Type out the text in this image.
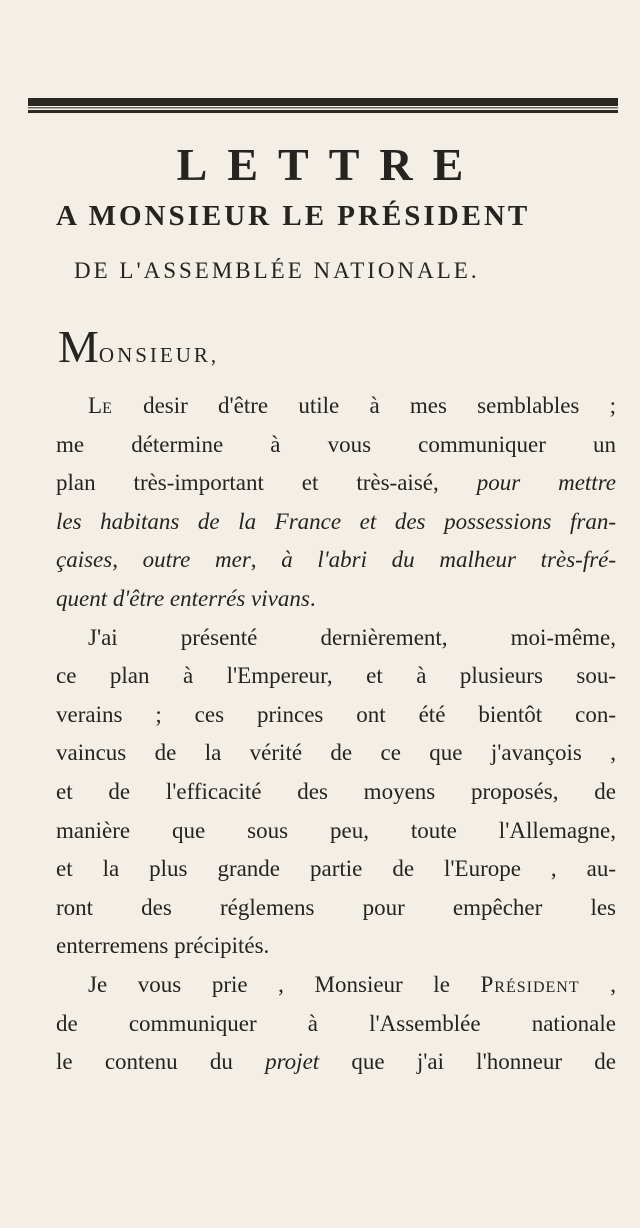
LETTRE
A MONSIEUR LE PRÉSIDENT
DE L'ASSEMBLÉE NATIONALE.
MONSIEUR,
Le desir d'être utile à mes semblables ;
me détermine à vous communiquer un
plan très-important et très-aisé, pour mettre
les habitans de la France et des possessions fran-
çaises, outre mer, à l'abri du malheur très-fré-
quent d'être enterrés vivans.
J'ai présenté dernièrement, moi-même,
ce plan à l'Empereur, et à plusieurs sou-
verains ; ces princes ont été bientôt con-
vaincus de la vérité de ce que j'avançois ,
et de l'efficacité des moyens proposés, de
manière que sous peu, toute l'Allemagne,
et la plus grande partie de l'Europe , au-
ront des réglemens pour empêcher les
enterremens précipités.
Je vous prie , Monsieur le Président ,
de communiquer à l'Assemblée nationale
le contenu du projet que j'ai l'honneur de
